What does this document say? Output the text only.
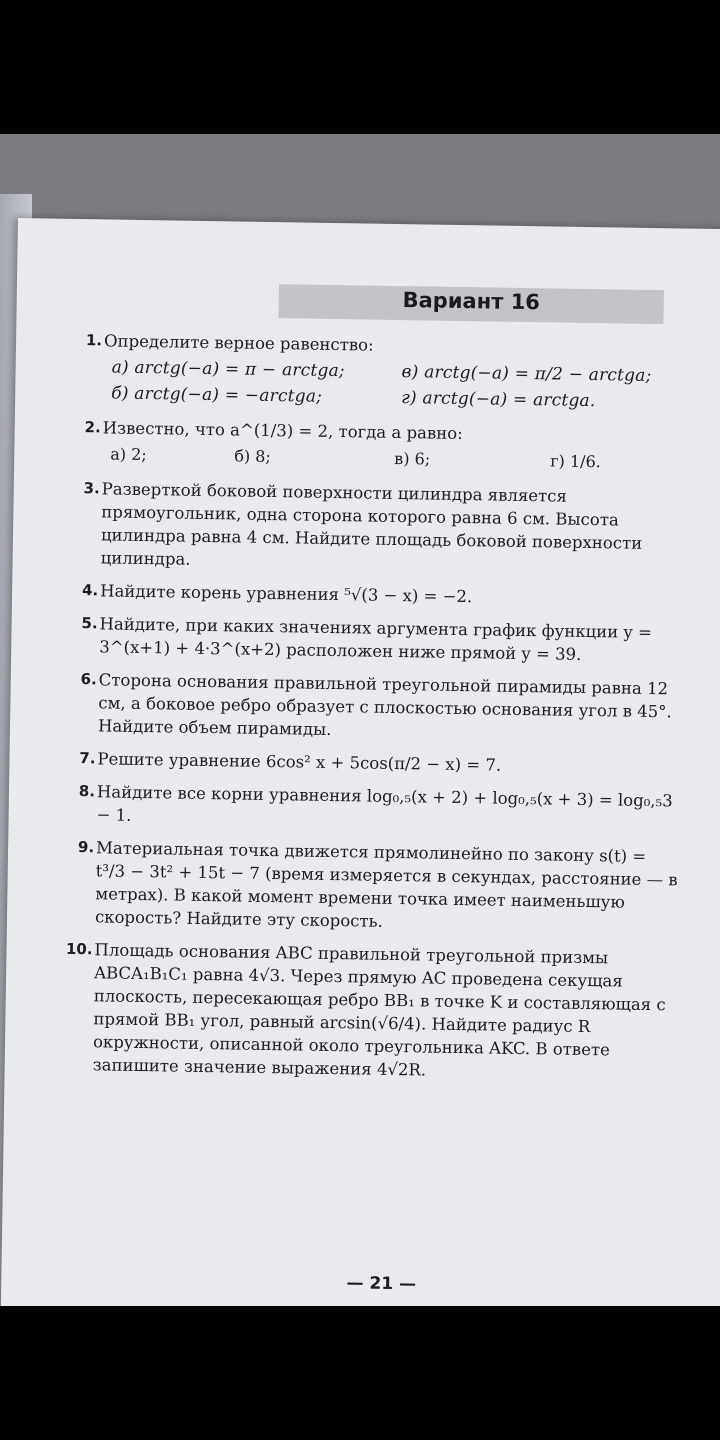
Вариант 16
1. Определите верное равенство:
а) arctg(−a) = π − arctga;	в) arctg(−a) = π/2 − arctga;
б) arctg(−a) = −arctga;	г) arctg(−a) = arctga.
2. Известно, что a^(1/3) = 2, тогда a равно:
а) 2;	б) 8;	в) 6;	г) 1/6.
3. Разверткой боковой поверхности цилиндра является прямоугольник, одна сторона которого равна 6 см. Высота цилиндра равна 4 см. Найдите площадь боковой поверхности цилиндра.
4. Найдите корень уравнения ⁵√(3 − x) = −2.
5. Найдите, при каких значениях аргумента график функции y = 3^(x+1) + 4·3^(x+2) расположен ниже прямой y = 39.
6. Сторона основания правильной треугольной пирамиды равна 12 см, а боковое ребро образует с плоскостью основания угол в 45°. Найдите объем пирамиды.
7. Решите уравнение 6cos² x + 5cos(π/2 − x) = 7.
8. Найдите все корни уравнения log₀,₅(x + 2) + log₀,₅(x + 3) = log₀,₅3 − 1.
9. Материальная точка движется прямолинейно по закону s(t) = t³/3 − 3t² + 15t − 7 (время измеряется в секундах, расстояние — в метрах). В какой момент времени точка имеет наименьшую скорость? Найдите эту скорость.
10. Площадь основания ABC правильной треугольной призмы ABCA₁B₁C₁ равна 4√3. Через прямую AC проведена секущая плоскость, пересекающая ребро BB₁ в точке K и составляющая с прямой BB₁ угол, равный arcsin(√6/4). Найдите радиус R окружности, описанной около треугольника AKC. В ответе запишите значение выражения 4√2R.
— 21 —
